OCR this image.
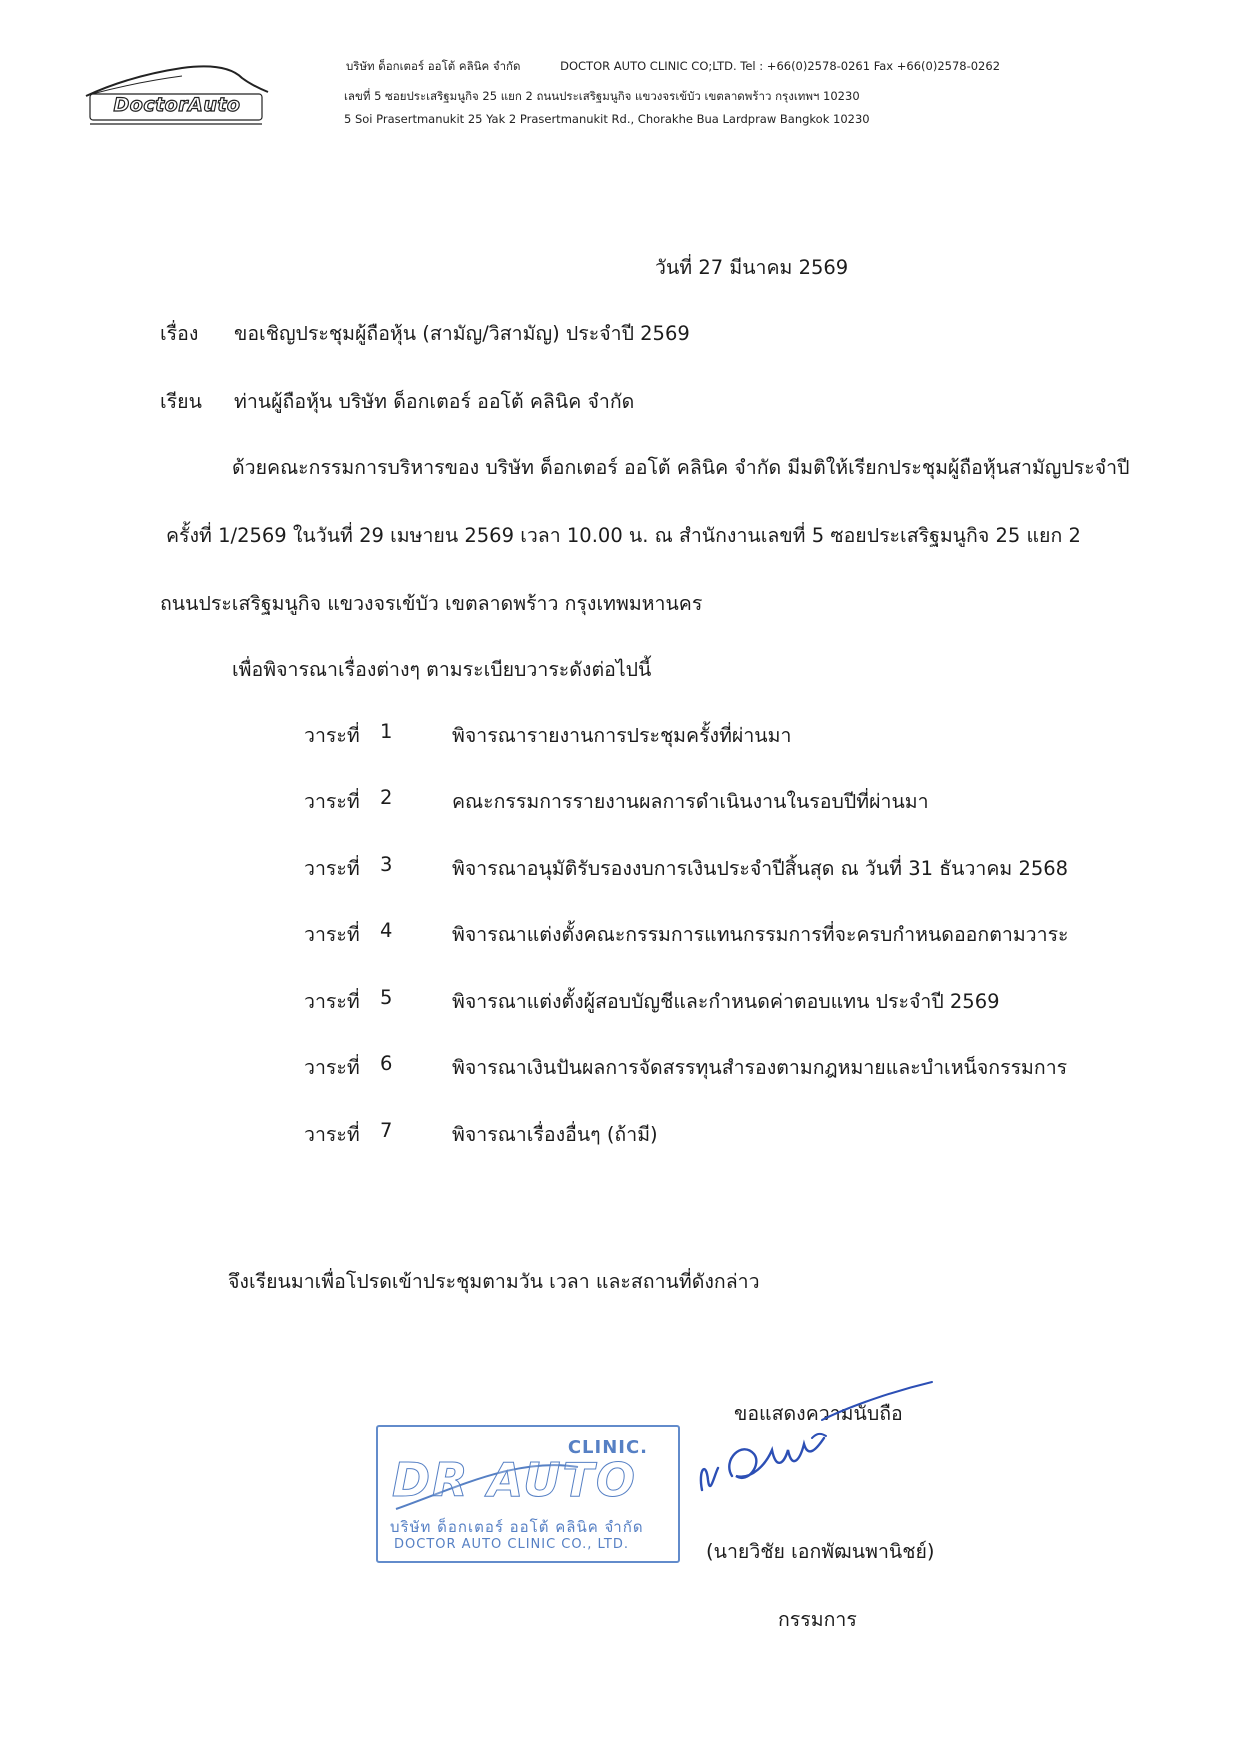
DoctorAuto
บริษัท ด็อกเตอร์ ออโต้ คลินิค จำกัด	DOCTOR AUTO CLINIC CO;LTD. Tel : +66(0)2578-0261 Fax +66(0)2578-0262
เลขที่ 5 ซอยประเสริฐมนูกิจ 25 แยก 2 ถนนประเสริฐมนูกิจ แขวงจรเข้บัว เขตลาดพร้าว กรุงเทพฯ 10230
5 Soi Prasertmanukit 25 Yak 2 Prasertmanukit Rd., Chorakhe Bua Lardpraw Bangkok 10230
วันที่ 27 มีนาคม 2569
เรื่อง ขอเชิญประชุมผู้ถือหุ้น (สามัญ/วิสามัญ) ประจำปี 2569
เรียน ท่านผู้ถือหุ้น บริษัท ด็อกเตอร์ ออโต้ คลินิค จำกัด
ด้วยคณะกรรมการบริหารของ บริษัท ด็อกเตอร์ ออโต้ คลินิค จำกัด มีมติให้เรียกประชุมผู้ถือหุ้นสามัญประจำปี
ครั้งที่ 1/2569 ในวันที่ 29 เมษายน 2569 เวลา 10.00 น. ณ สำนักงานเลขที่ 5 ซอยประเสริฐมนูกิจ 25 แยก 2
ถนนประเสริฐมนูกิจ แขวงจรเข้บัว เขตลาดพร้าว กรุงเทพมหานคร
เพื่อพิจารณาเรื่องต่างๆ ตามระเบียบวาระดังต่อไปนี้
วาระที่ 1	พิจารณารายงานการประชุมครั้งที่ผ่านมา
วาระที่ 2	คณะกรรมการรายงานผลการดำเนินงานในรอบปีที่ผ่านมา
วาระที่ 3	พิจารณาอนุมัติรับรองงบการเงินประจำปีสิ้นสุด ณ วันที่ 31 ธันวาคม 2568
วาระที่ 4	พิจารณาแต่งตั้งคณะกรรมการแทนกรรมการที่จะครบกำหนดออกตามวาระ
วาระที่ 5	พิจารณาแต่งตั้งผู้สอบบัญชีและกำหนดค่าตอบแทน ประจำปี 2569
วาระที่ 6	พิจารณาเงินปันผลการจัดสรรทุนสำรองตามกฎหมายและบำเหน็จกรรมการ
วาระที่ 7	พิจารณาเรื่องอื่นๆ (ถ้ามี)
จึงเรียนมาเพื่อโปรดเข้าประชุมตามวัน เวลา และสถานที่ดังกล่าว
ขอแสดงความนับถือ
CLINIC.
DR AUTO
บริษัท ด็อกเตอร์ ออโต้ คลินิค จำกัด
DOCTOR AUTO CLINIC CO., LTD.	(นายวิชัย เอกพัฒนพานิชย์)
กรรมการ
